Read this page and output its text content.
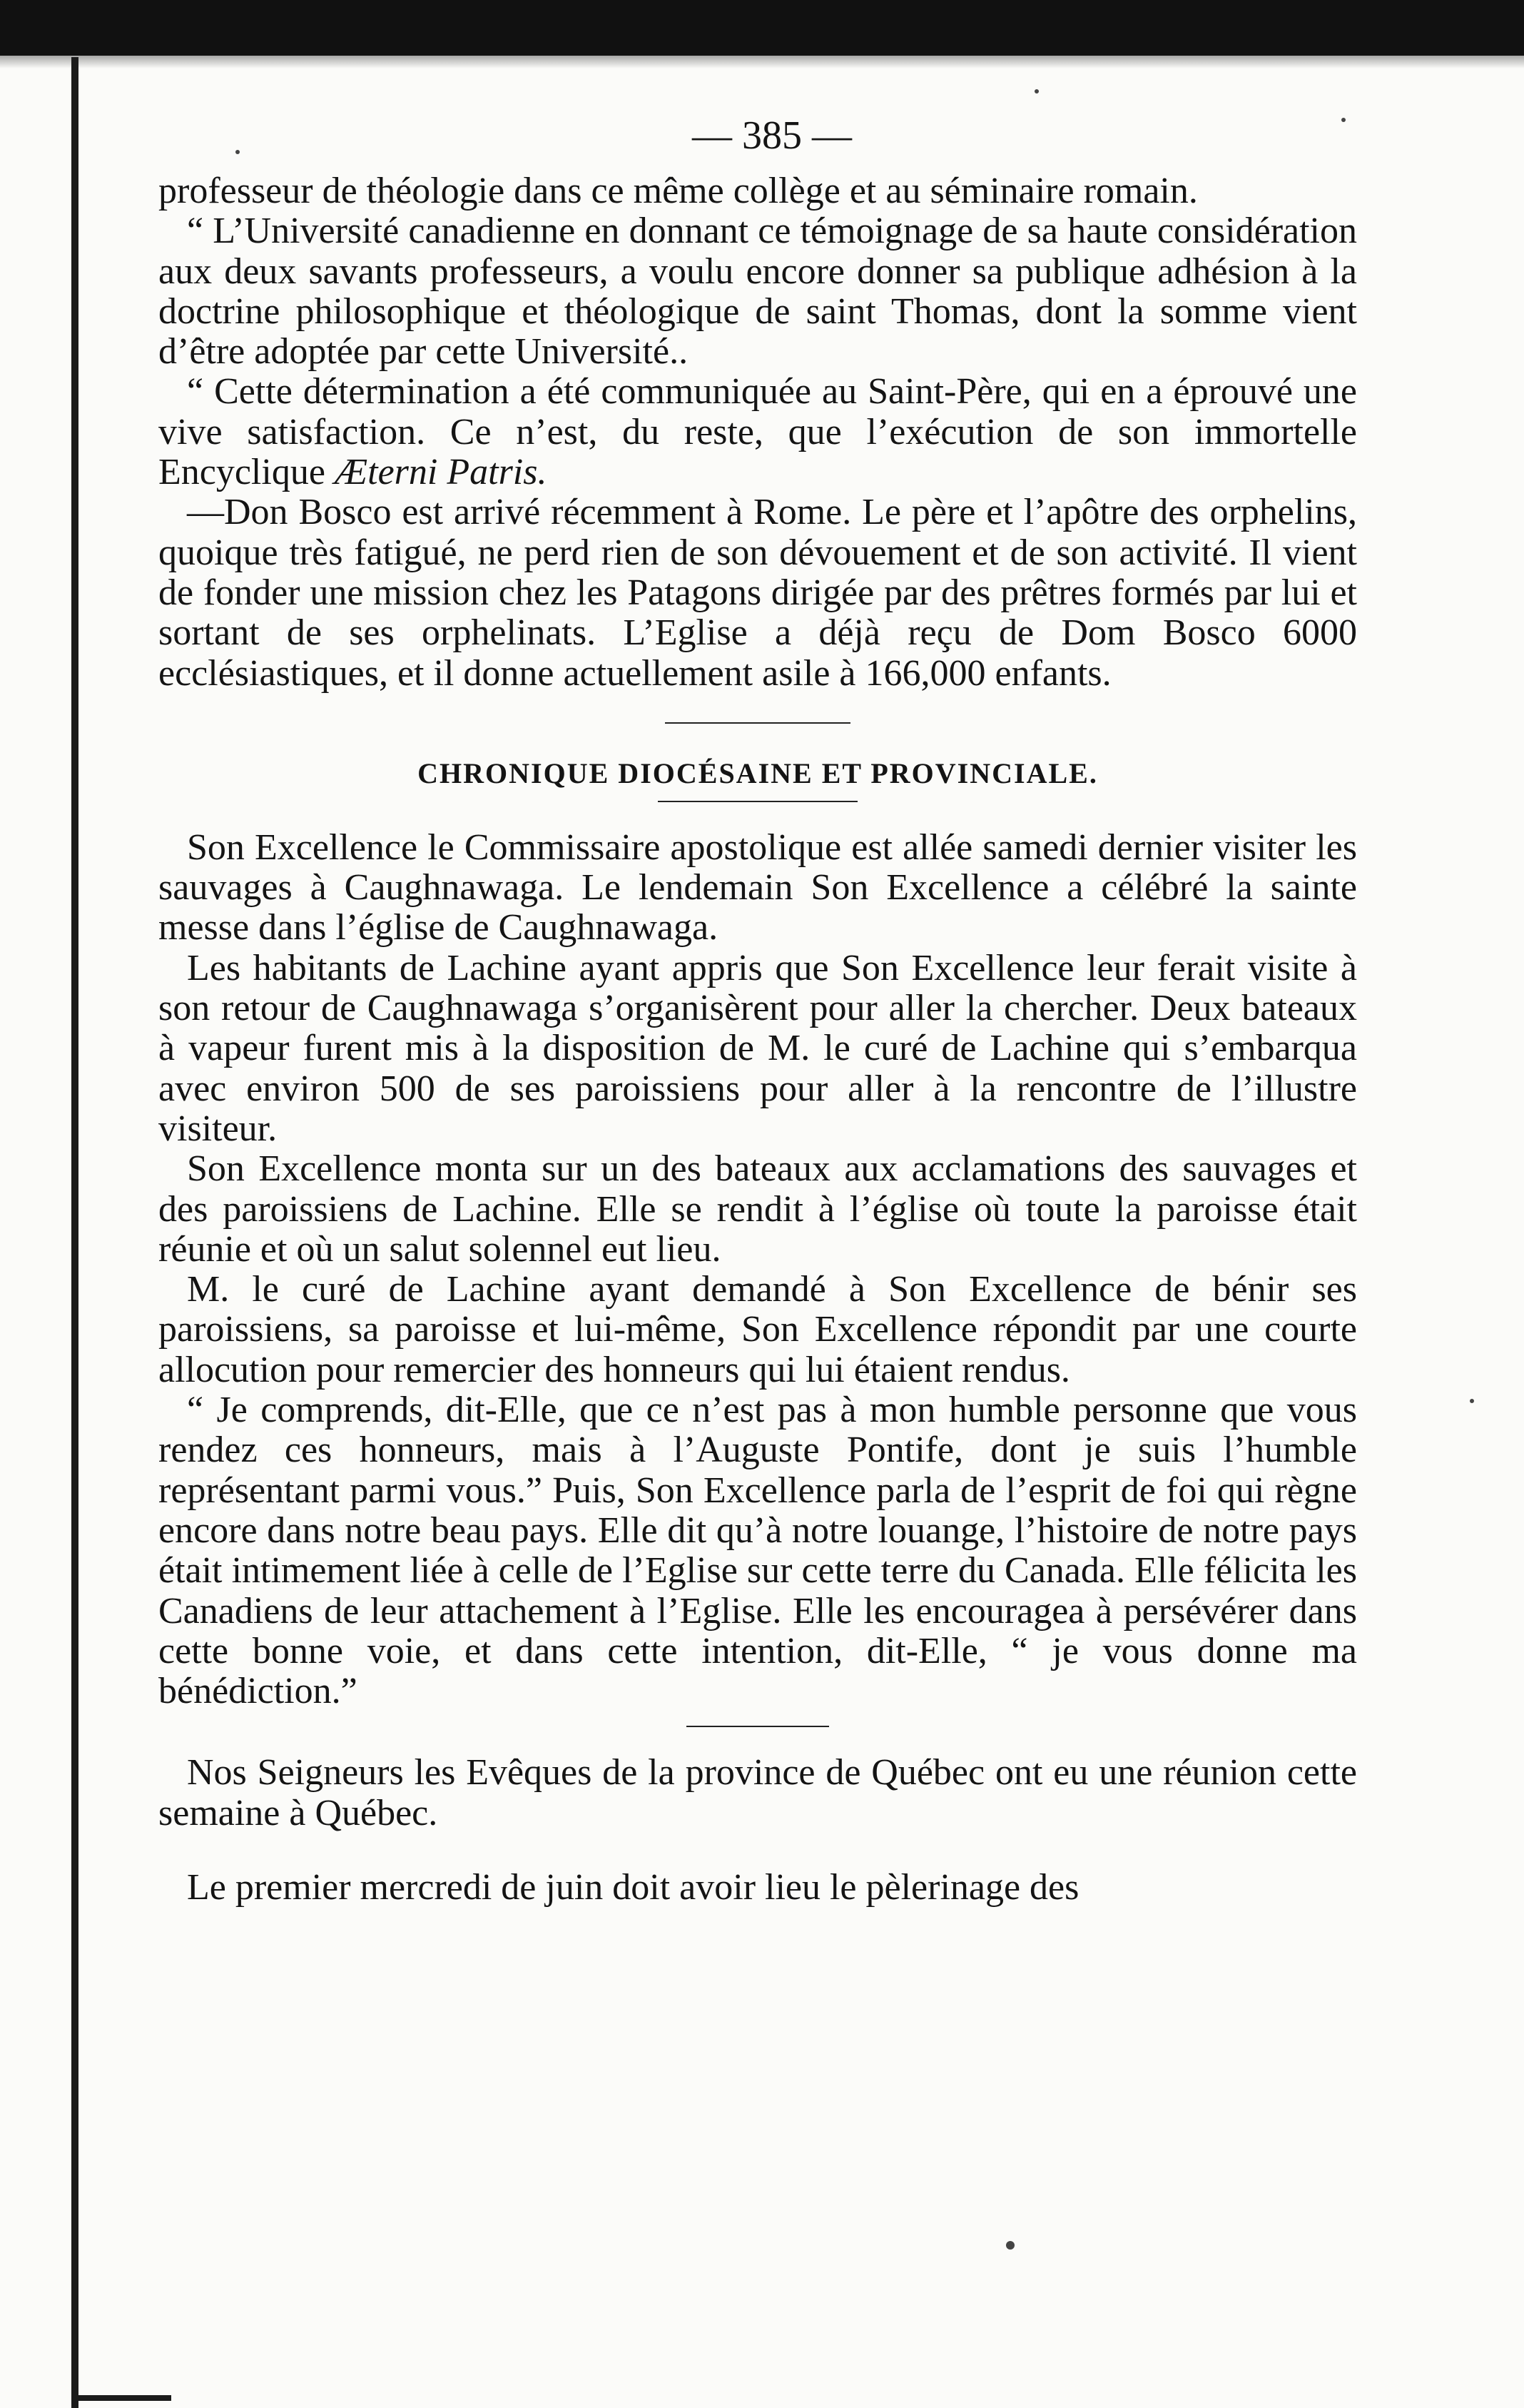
— 385 —

professeur de théologie dans ce même collège et au séminaire romain.

“ L’Université canadienne en donnant ce témoignage de sa haute considération aux deux savants professeurs, a voulu encore donner sa publique adhésion à la doctrine philosophique et théologique de saint Thomas, dont la somme vient d’être adoptée par cette Université..

“ Cette détermination a été communiquée au Saint-Père, qui en a éprouvé une vive satisfaction. Ce n’est, du reste, que l’exécution de son immortelle Encyclique Æterni Patris.

—Don Bosco est arrivé récemment à Rome. Le père et l’apôtre des orphelins, quoique très fatigué, ne perd rien de son dévouement et de son activité. Il vient de fonder une mission chez les Patagons dirigée par des prêtres formés par lui et sortant de ses orphelinats. L’Eglise a déjà reçu de Dom Bosco 6000 ecclésiastiques, et il donne actuellement asile à 166,000 enfants.

CHRONIQUE DIOCÉSAINE ET PROVINCIALE.

Son Excellence le Commissaire apostolique est allée samedi dernier visiter les sauvages à Caughnawaga. Le lendemain Son Excellence a célébré la sainte messe dans l’église de Caughnawaga.

Les habitants de Lachine ayant appris que Son Excellence leur ferait visite à son retour de Caughnawaga s’organisèrent pour aller la chercher. Deux bateaux à vapeur furent mis à la disposition de M. le curé de Lachine qui s’embarqua avec environ 500 de ses paroissiens pour aller à la rencontre de l’illustre visiteur.

Son Excellence monta sur un des bateaux aux acclamations des sauvages et des paroissiens de Lachine. Elle se rendit à l’église où toute la paroisse était réunie et où un salut solennel eut lieu.

M. le curé de Lachine ayant demandé à Son Excellence de bénir ses paroissiens, sa paroisse et lui-même, Son Excellence répondit par une courte allocution pour remercier des honneurs qui lui étaient rendus.

“ Je comprends, dit-Elle, que ce n’est pas à mon humble personne que vous rendez ces honneurs, mais à l’Auguste Pontife, dont je suis l’humble représentant parmi vous.” Puis, Son Excellence parla de l’esprit de foi qui règne encore dans notre beau pays. Elle dit qu’à notre louange, l’histoire de notre pays était intimement liée à celle de l’Eglise sur cette terre du Canada. Elle félicita les Canadiens de leur attachement à l’Eglise. Elle les encouragea à persévérer dans cette bonne voie, et dans cette intention, dit-Elle, “ je vous donne ma bénédiction.”

Nos Seigneurs les Evêques de la province de Québec ont eu une réunion cette semaine à Québec.

Le premier mercredi de juin doit avoir lieu le pèlerinage des
